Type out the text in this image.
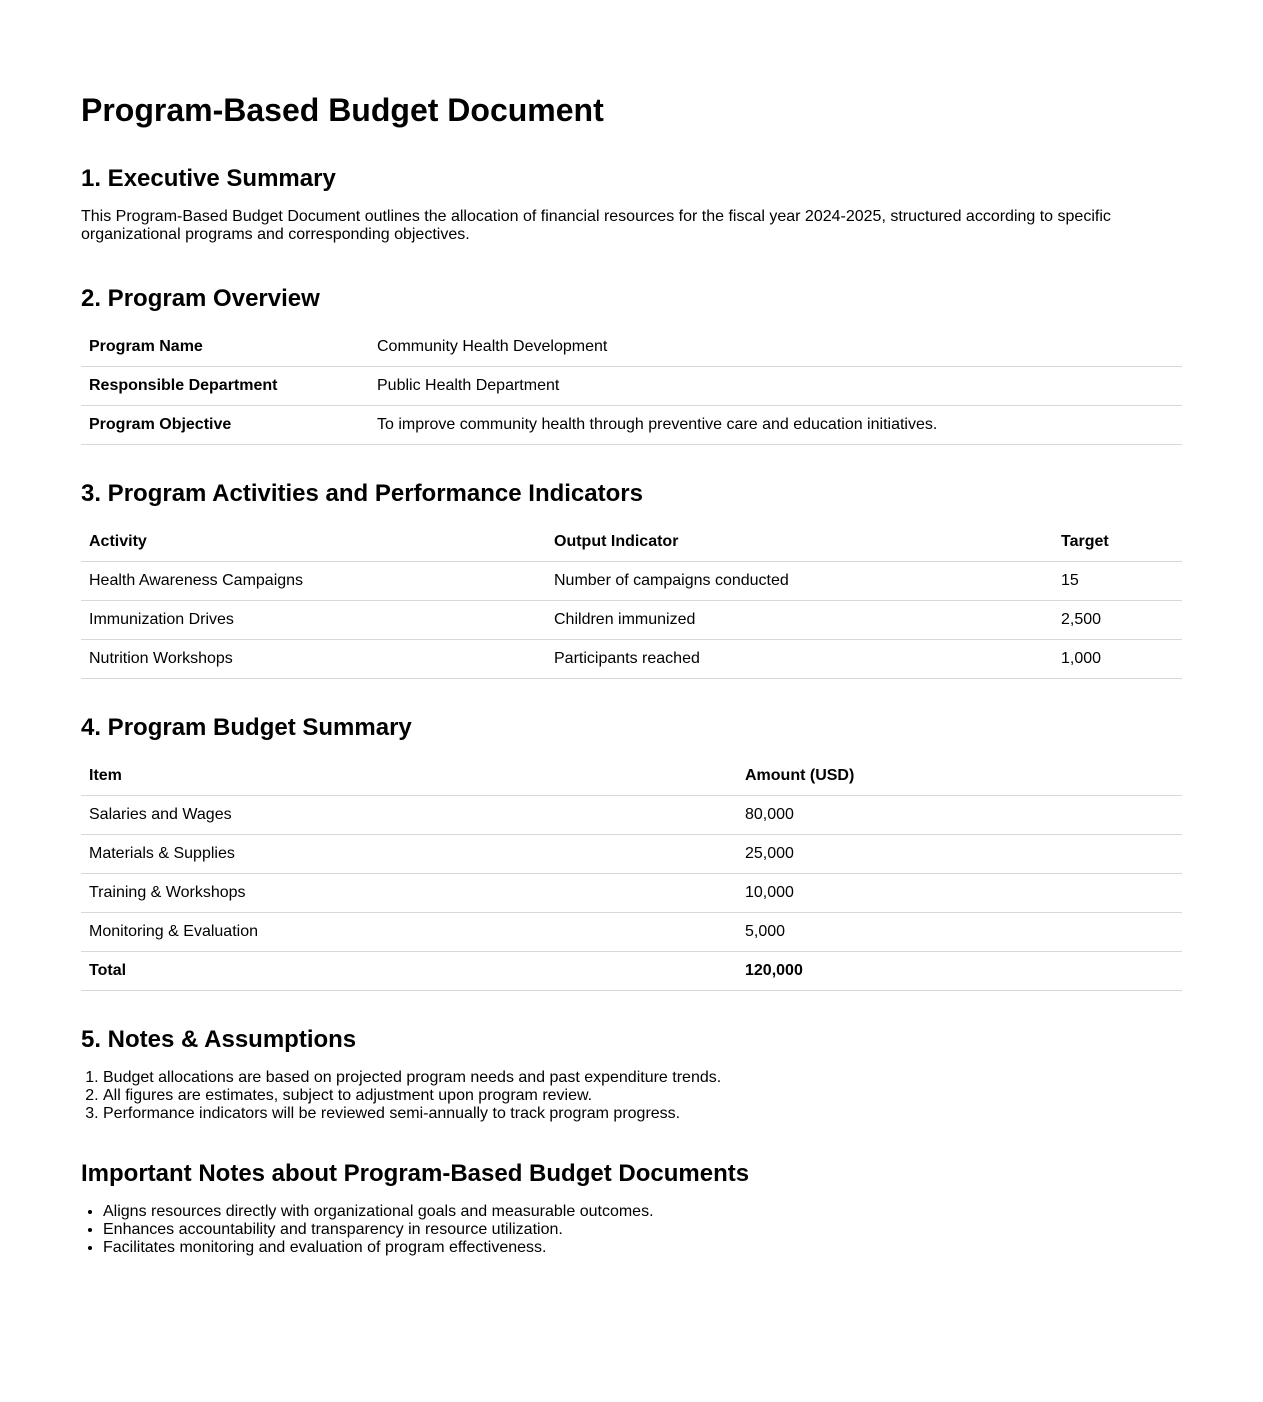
Program-Based Budget Document
1. Executive Summary

This Program-Based Budget Document outlines the allocation of financial resources for the fiscal year 2024-2025, structured according to specific organizational programs and corresponding objectives.

2. Program Overview
Program Name	Community Health Development
Responsible Department	Public Health Department
Program Objective	To improve community health through preventive care and education initiatives.
3. Program Activities and Performance Indicators
Activity	Output Indicator	Target
Health Awareness Campaigns	Number of campaigns conducted	15
Immunization Drives	Children immunized	2,500
Nutrition Workshops	Participants reached	1,000
4. Program Budget Summary
Item	Amount (USD)
Salaries and Wages	80,000
Materials & Supplies	25,000
Training & Workshops	10,000
Monitoring & Evaluation	5,000
Total	120,000
5. Notes & Assumptions
1. Budget allocations are based on projected program needs and past expenditure trends.
2. All figures are estimates, subject to adjustment upon program review.
3. Performance indicators will be reviewed semi-annually to track program progress.
Important Notes about Program-Based Budget Documents
• Aligns resources directly with organizational goals and measurable outcomes.
• Enhances accountability and transparency in resource utilization.
• Facilitates monitoring and evaluation of program effectiveness.
